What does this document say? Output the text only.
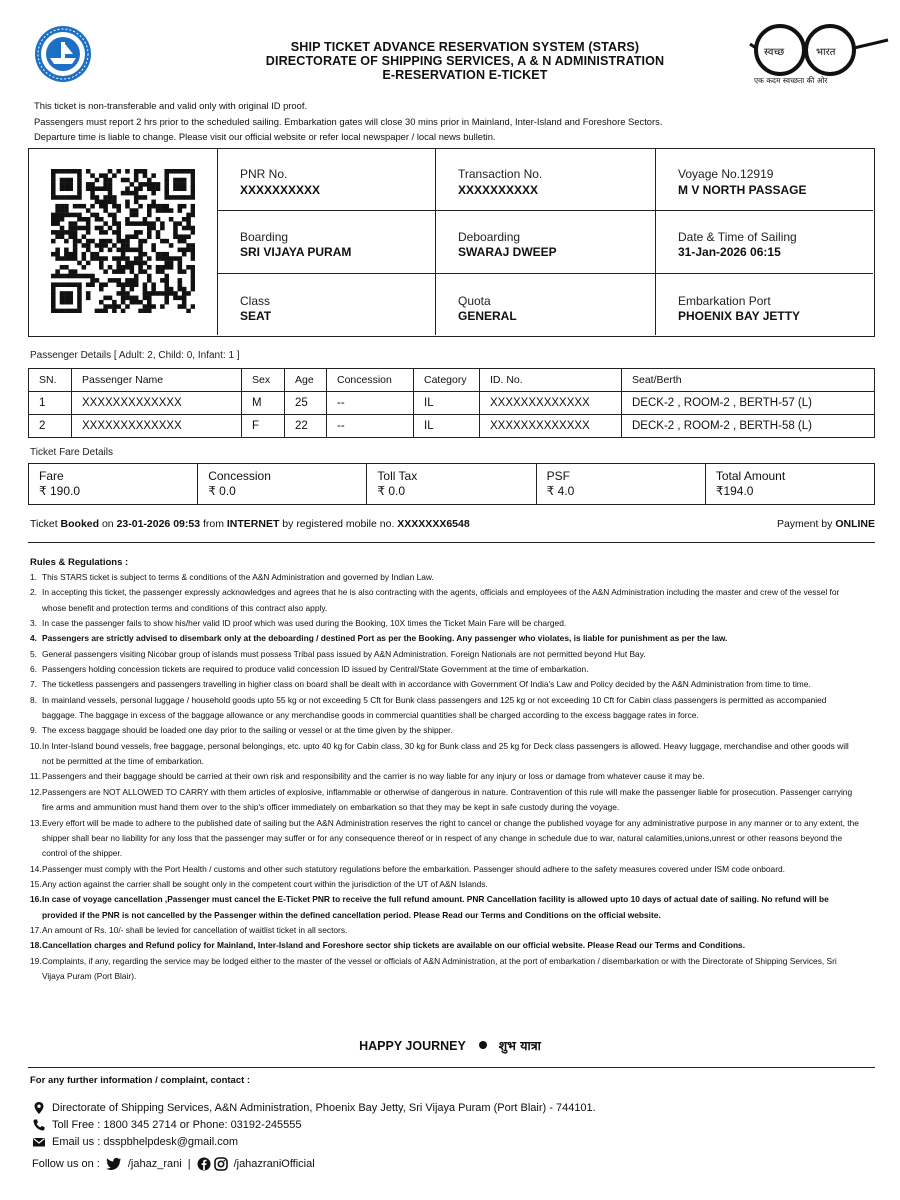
SHIP TICKET ADVANCE RESERVATION SYSTEM (STARS)
DIRECTORATE OF SHIPPING SERVICES, A & N ADMINISTRATION
E-RESERVATION E-TICKET
स्वच्छ	भारत
एक कदम स्वच्छता की ओर
This ticket is non-transferable and valid only with original ID proof.
Passengers must report 2 hrs prior to the scheduled sailing. Embarkation gates will close 30 mins prior in Mainland, Inter-Island and Foreshore Sectors.
Departure time is liable to change. Please visit our official website or refer local newspaper / local news bulletin.
PNR No.
XXXXXXXXXX
Transaction No.
XXXXXXXXXX
Voyage No.12919
M V NORTH PASSAGE
Boarding
SRI VIJAYA PURAM
Deboarding
SWARAJ DWEEP
Date & Time of Sailing
31-Jan-2026 06:15
Class
SEAT
Quota
GENERAL
Embarkation Port
PHOENIX BAY JETTY
Passenger Details [ Adult: 2, Child: 0, Infant: 1 ]
SN.	Passenger Name	Sex	Age	Concession	Category	ID. No.	Seat/Berth
1	XXXXXXXXXXXXX	M	25	--	IL	XXXXXXXXXXXXX	DECK-2 , ROOM-2 , BERTH-57 (L)
2	XXXXXXXXXXXXX	F	22	--	IL	XXXXXXXXXXXXX	DECK-2 , ROOM-2 , BERTH-58 (L)
Ticket Fare Details
Fare
₹ 190.0
Concession
₹ 0.0
Toll Tax
₹ 0.0
PSF
₹ 4.0
Total Amount
₹194.0
Ticket Booked on 23-01-2026 09:53 from INTERNET by registered mobile no. XXXXXXX6548	Payment by ONLINE
Rules & Regulations :
1. This STARS ticket is subject to terms & conditions of the A&N Administration and governed by Indian Law.
2. In accepting this ticket, the passenger expressly acknowledges and agrees that he is also contracting with the agents, officials and employees of the A&N Administration including the master and crew of the vessel for whose benefit and protection terms and conditions of this contract also apply.
3. In case the passenger fails to show his/her valid ID proof which was used during the Booking, 10X times the Ticket Main Fare will be charged.
4. Passengers are strictly advised to disembark only at the deboarding / destined Port as per the Booking. Any passenger who violates, is liable for punishment as per the law.
5. General passengers visiting Nicobar group of islands must possess Tribal pass issued by A&N Administration. Foreign Nationals are not permitted beyond Hut Bay.
6. Passengers holding concession tickets are required to produce valid concession ID issued by Central/State Government at the time of embarkation.
7. The ticketless passengers and passengers travelling in higher class on board shall be dealt with in accordance with Government Of India's Law and Policy decided by the A&N Administration from time to time.
8. In mainland vessels, personal luggage / household goods upto 55 kg or not exceeding 5 Cft for Bunk class passengers and 125 kg or not exceeding 10 Cft for Cabin class passengers is permitted as accompanied baggage. The baggage in excess of the baggage allowance or any merchandise goods in commercial quantities shall be charged according to the excess baggage rates in force.
9. The excess baggage should be loaded one day prior to the sailing or vessel or at the time given by the shipper.
10. In Inter-Island bound vessels, free baggage, personal belongings, etc. upto 40 kg for Cabin class, 30 kg for Bunk class and 25 kg for Deck class passengers is allowed. Heavy luggage, merchandise and other goods will not be permitted at the time of embarkation.
11. Passengers and their baggage should be carried at their own risk and responsibility and the carrier is no way liable for any injury or loss or damage from whatever cause it may be.
12. Passengers are NOT ALLOWED TO CARRY with them articles of explosive, inflammable or otherwise of dangerous in nature. Contravention of this rule will make the passenger liable for prosecution. Passenger carrying fire arms and ammunition must hand them over to the ship's officer immediately on embarkation so that they may be kept in safe custody during the voyage.
13. Every effort will be made to adhere to the published date of sailing but the A&N Administration reserves the right to cancel or change the published voyage for any administrative purpose in any manner or to any extent, the shipper shall bear no liability for any loss that the passenger may suffer or for any consequence thereof or in respect of any change in schedule due to war, natural calamities,unions,unrest or other reasons beyond the control of the shipper.
14. Passenger must comply with the Port Health / customs and other such statutory regulations before the embarkation. Passenger should adhere to the safety measures covered under ISM code onboard.
15. Any action against the carrier shall be sought only in the competent court within the jurisdiction of the UT of A&N Islands.
16. In case of voyage cancellation ,Passenger must cancel the E-Ticket PNR to receive the full refund amount. PNR Cancellation facility is allowed upto 10 days of actual date of sailing. No refund will be provided if the PNR is not cancelled by the Passenger within the defined cancellation period. Please Read our Terms and Conditions on the official website.
17. An amount of Rs. 10/- shall be levied for cancellation of waitlist ticket in all sectors.
18. Cancellation charges and Refund policy for Mainland, Inter-Island and Foreshore sector ship tickets are available on our official website. Please Read our Terms and Conditions.
19. Complaints, if any, regarding the service may be lodged either to the master of the vessel or officials of A&N Administration, at the port of embarkation / disembarkation or with the Directorate of Shipping Services, Sri Vijaya Puram (Port Blair).
HAPPY JOURNEY	शुभ यात्रा
For any further information / complaint, contact :
Directorate of Shipping Services, A&N Administration, Phoenix Bay Jetty, Sri Vijaya Puram (Port Blair) - 744101.
Toll Free : 1800 345 2714 or Phone: 03192-245555
Email us : dsspbhelpdesk@gmail.com
Follow us on :	/jahaz_rani |	/jahazraniOfficial
